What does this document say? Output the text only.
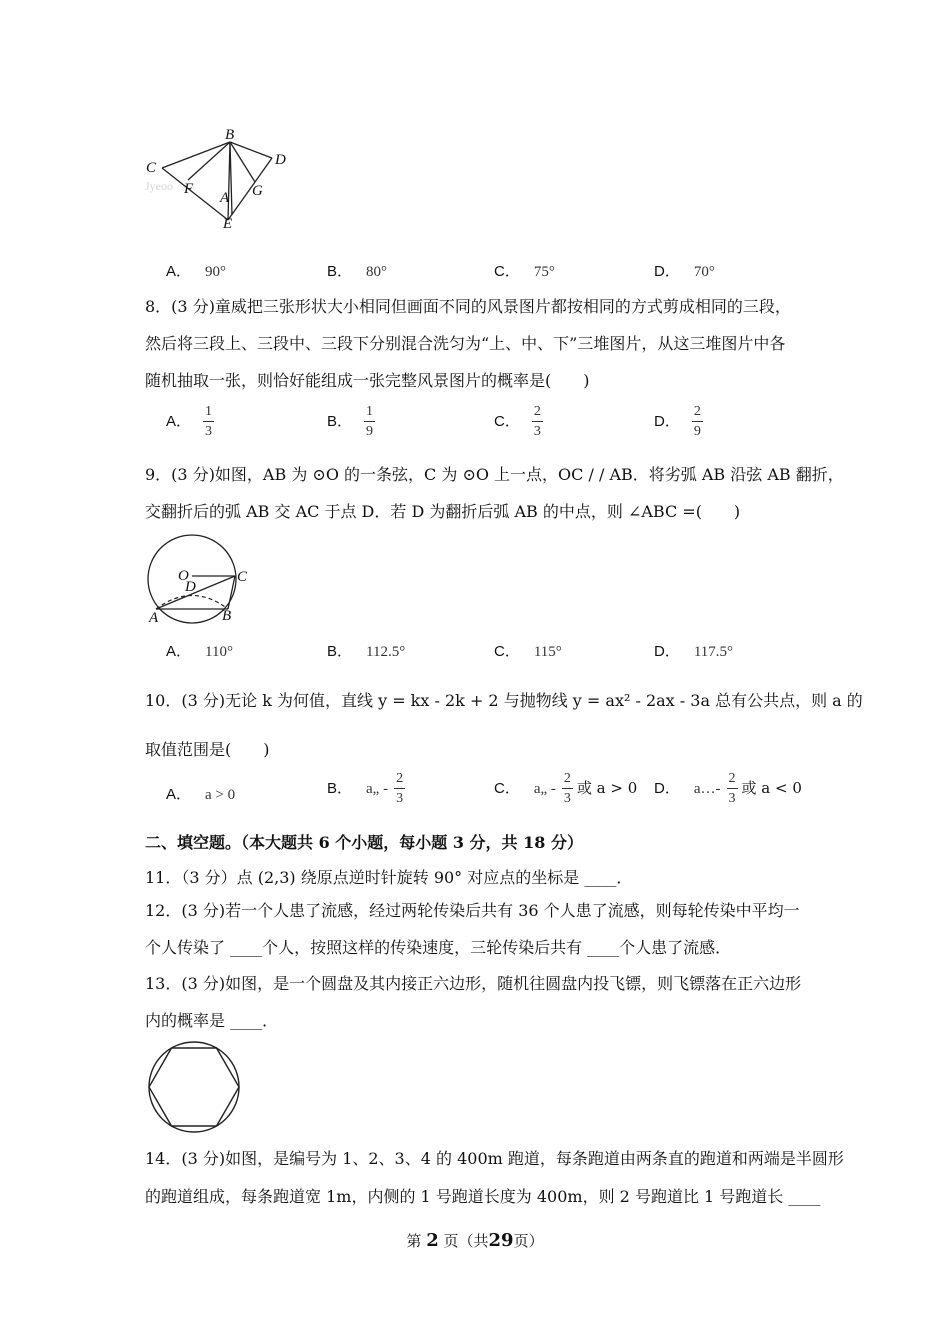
B
C	D
F
A G
E
Jyeoo
A． 90°	B． 80°	C． 75°	D． 70°
8．(3 分)童威把三张形状大小相同但画面不同的风景图片都按相同的方式剪成相同的三段，
然后将三段上、三段中、三段下分别混合洗匀为“上、中、下”三堆图片，从这三堆图片中各
随机抽取一张，则恰好能组成一张完整风景图片的概率是(　　)
A． $\frac{1}{3}$	B． $\frac{1}{9}$	C． $\frac{2}{3}$	D． $\frac{2}{9}$
9．(3 分)如图，AB 为 ⊙O 的一条弦，C 为 ⊙O 上一点，OC / / AB．将劣弧 AB 沿弦 AB 翻折，
交翻折后的弧 AB 交 AC 于点 D．若 D 为翻折后弧 AB 的中点，则 ∠ABC =(　　)
O	C
D
A	B
A． 110°	B． 112.5°	C． 115°	D． 117.5°
10．(3 分)无论 k 为何值，直线 y = kx - 2k + 2 与抛物线 y = ax² - 2ax - 3a 总有公共点，则 a 的
取值范围是(　　)
A． a > 0	B． a„ - $\frac{2}{3}$	C． a„ - $\frac{2}{3}$ 或 a > 0 D． a…- $\frac{2}{3}$ 或 a < 0
二、填空题。（本大题共 6 个小题，每小题 3 分，共 18 分）
11．（3 分）点 (2,3) 绕原点逆时针旋转 90° 对应点的坐标是 ____．
12．(3 分)若一个人患了流感，经过两轮传染后共有 36 个人患了流感，则每轮传染中平均一
个人传染了 ____个人，按照这样的传染速度，三轮传染后共有 ____个人患了流感．
13．(3 分)如图，是一个圆盘及其内接正六边形，随机往圆盘内投飞镖，则飞镖落在正六边形
内的概率是 ____．
14．(3 分)如图，是编号为 1、2、3、4 的 400m 跑道，每条跑道由两条直的跑道和两端是半圆形
的跑道组成，每条跑道宽 1m，内侧的 1 号跑道长度为 400m，则 2 号跑道比 1 号跑道长 ____
第 2 页（共29页）
